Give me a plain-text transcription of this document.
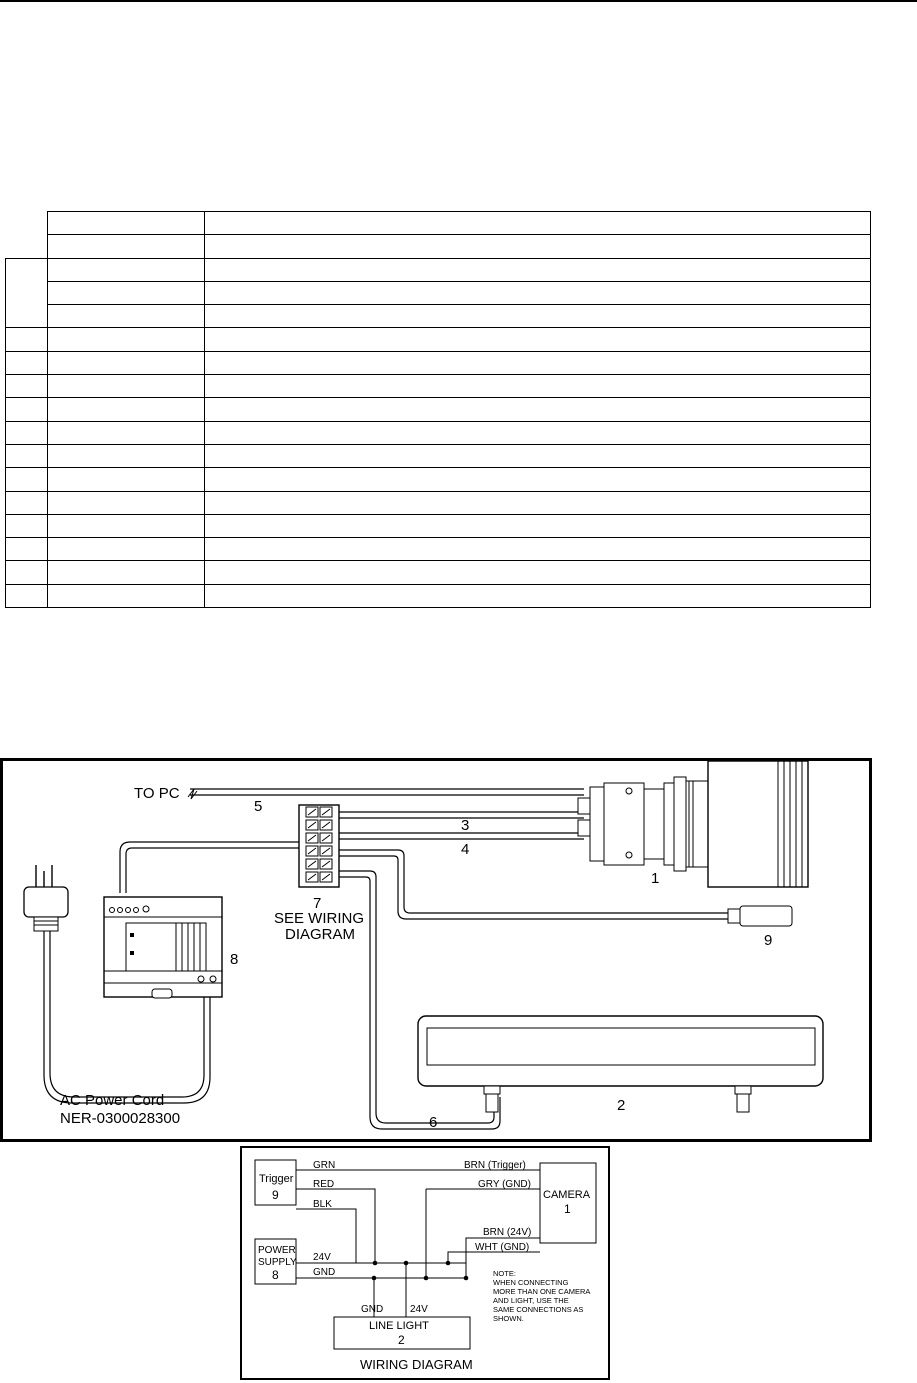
TO PC
5
7
SEE WIRING
DIAGRAM
3
4
1
9
6
2
8
AC Power Cord
NER-0300028300
Trigger
9
POWER
SUPPLY
8
CAMERA
1
LINE LIGHT
2
GRN
RED
BLK
24V
GND
BRN (Trigger)
GRY (GND)
BRN (24V)
WHT (GND)
GND	24V
NOTE:
WHEN CONNECTING
MORE THAN ONE CAMERA
AND LIGHT, USE THE
SAME CONNECTIONS AS
SHOWN.
WIRING DIAGRAM
